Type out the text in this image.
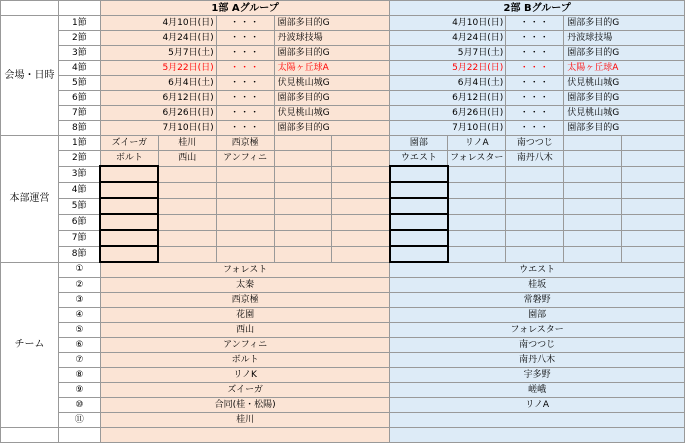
		1部 Aグループ					2部 Bグループ				
会場・日時	1節	4月10日(日)		・・・	園部多目的G		4月10日(日)		・・・	園部多目的G	
	2節	4月24日(日)		・・・	丹波球技場		4月24日(日)		・・・	丹波球技場	
	3節	5月7日(土)		・・・	園部多目的G		5月7日(土)		・・・	園部多目的G	
	4節	5月22日(日)		・・・	太陽ヶ丘球A		5月22日(日)		・・・	太陽ヶ丘球A	
	5節	6月4日(土)		・・・	伏見桃山城G		6月4日(土)		・・・	伏見桃山城G	
	6節	6月12日(日)		・・・	園部多目的G		6月12日(日)		・・・	園部多目的G	
	7節	6月26日(日)		・・・	伏見桃山城G		6月26日(日)		・・・	伏見桃山城G	
	8節	7月10日(日)		・・・	園部多目的G		7月10日(日)		・・・	園部多目的G	
本部運営	1節	ズイーガ	桂川	西京極			園部	リノA	南つつじ		
	2節	ボルト	西山	アンフィニ			ウエスト	フォレスター	南丹八木		
	3節										
	4節										
	5節										
	6節										
	7節										
	8節										
チーム	①	フォレスト					ウエスト				
	②	太秦					桂坂				
	③	西京極					常磐野				
	④	花園					園部				
	⑤	西山					フォレスター				
	⑥	アンフィニ					南つつじ				
	⑦	ボルト					南丹八木				
	⑧	リノK					宇多野				
	⑨	ズイーガ					嵯峨				
	⑩	合同(桂・松陽)					リノA				
	⑪	桂川									
